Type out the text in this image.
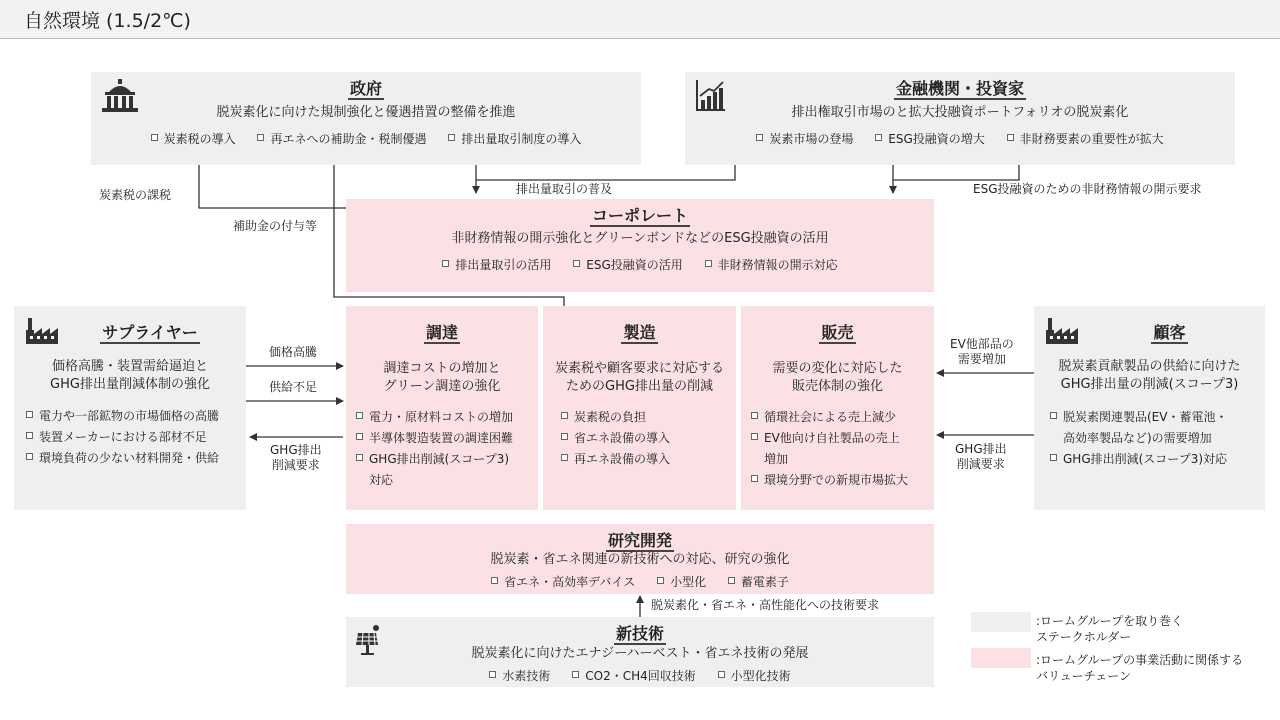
自然環境 (1.5/2℃)
政府
脱炭素化に向けた規制強化と優遇措置の整備を推進
炭素税の導入	再エネへの補助金・税制優遇	排出量取引制度の導入
金融機関・投資家
排出権取引市場のと拡大投融資ポートフォリオの脱炭素化
炭素市場の登場	ESG投融資の増大	非財務要素の重要性が拡大
炭素税の課税
補助金の付与等
排出量取引の普及	ESG投融資のための非財務情報の開示要求
コーポレート
非財務情報の開示強化とグリーンボンドなどのESG投融資の活用
排出量取引の活用	ESG投融資の活用	非財務情報の開示対応
サプライヤー
価格高騰・装置需給逼迫と
GHG排出量削減体制の強化
電力や一部鉱物の市場価格の高騰
装置メーカーにおける部材不足
環境負荷の少ない材料開発・供給
調達
調達コストの増加と
グリーン調達の強化
電力・原材料コストの増加
半導体製造装置の調達困難
GHG排出削減(スコープ3)
対応
製造
炭素税や顧客要求に対応する
ためのGHG排出量の削減
炭素税の負担
省エネ設備の導入
再エネ設備の導入
販売
需要の変化に対応した
販売体制の強化
循環社会による売上減少
EV他向け自社製品の売上
増加
環境分野での新規市場拡大
顧客
脱炭素貢献製品の供給に向けた
GHG排出量の削減(スコープ3)
脱炭素関連製品(EV・蓄電池・
高効率製品など)の需要増加
GHG排出削減(スコープ3)対応
価格高騰
供給不足
GHG排出
削減要求
EV他部品の
需要増加
GHG排出
削減要求
研究開発
脱炭素・省エネ関連の新技術への対応、研究の強化
省エネ・高効率デバイス	小型化	蓄電素子
脱炭素化・省エネ・高性能化への技術要求
新技術
脱炭素化に向けたエナジーハーベスト・省エネ技術の発展
水素技術	CO2・CH4回収技術	小型化技術
:ロームグループを取り巻く
ステークホルダー
:ロームグループの事業活動に関係する
バリューチェーン
